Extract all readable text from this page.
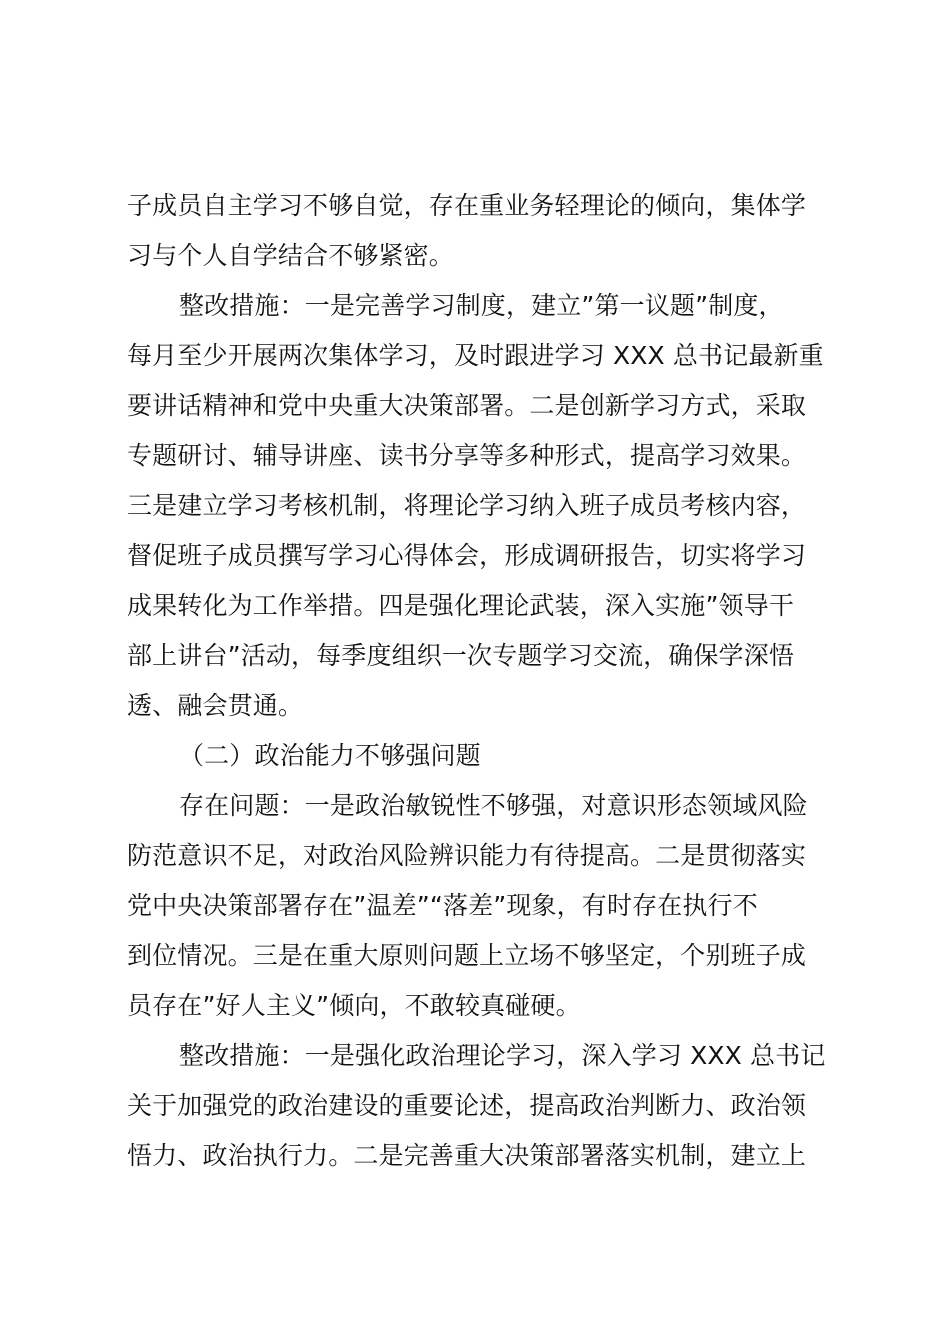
子成员自主学习不够自觉，存在重业务轻理论的倾向，集体学
习与个人自学结合不够紧密。
整改措施：一是完善学习制度，建立”第一议题”制度，
每月至少开展两次集体学习，及时跟进学习 XXX 总书记最新重
要讲话精神和党中央重大决策部署。二是创新学习方式，采取
专题研讨、辅导讲座、读书分享等多种形式，提高学习效果。
三是建立学习考核机制，将理论学习纳入班子成员考核内容，
督促班子成员撰写学习心得体会，形成调研报告，切实将学习
成果转化为工作举措。四是强化理论武装，深入实施”领导干
部上讲台”活动，每季度组织一次专题学习交流，确保学深悟
透、融会贯通。
（二）政治能力不够强问题
存在问题：一是政治敏锐性不够强，对意识形态领域风险
防范意识不足，对政治风险辨识能力有待提高。二是贯彻落实
党中央决策部署存在”温差”“落差”现象，有时存在执行不
到位情况。三是在重大原则问题上立场不够坚定，个别班子成
员存在”好人主义”倾向，不敢较真碰硬。
整改措施：一是强化政治理论学习，深入学习 XXX 总书记
关于加强党的政治建设的重要论述，提高政治判断力、政治领
悟力、政治执行力。二是完善重大决策部署落实机制，建立上
